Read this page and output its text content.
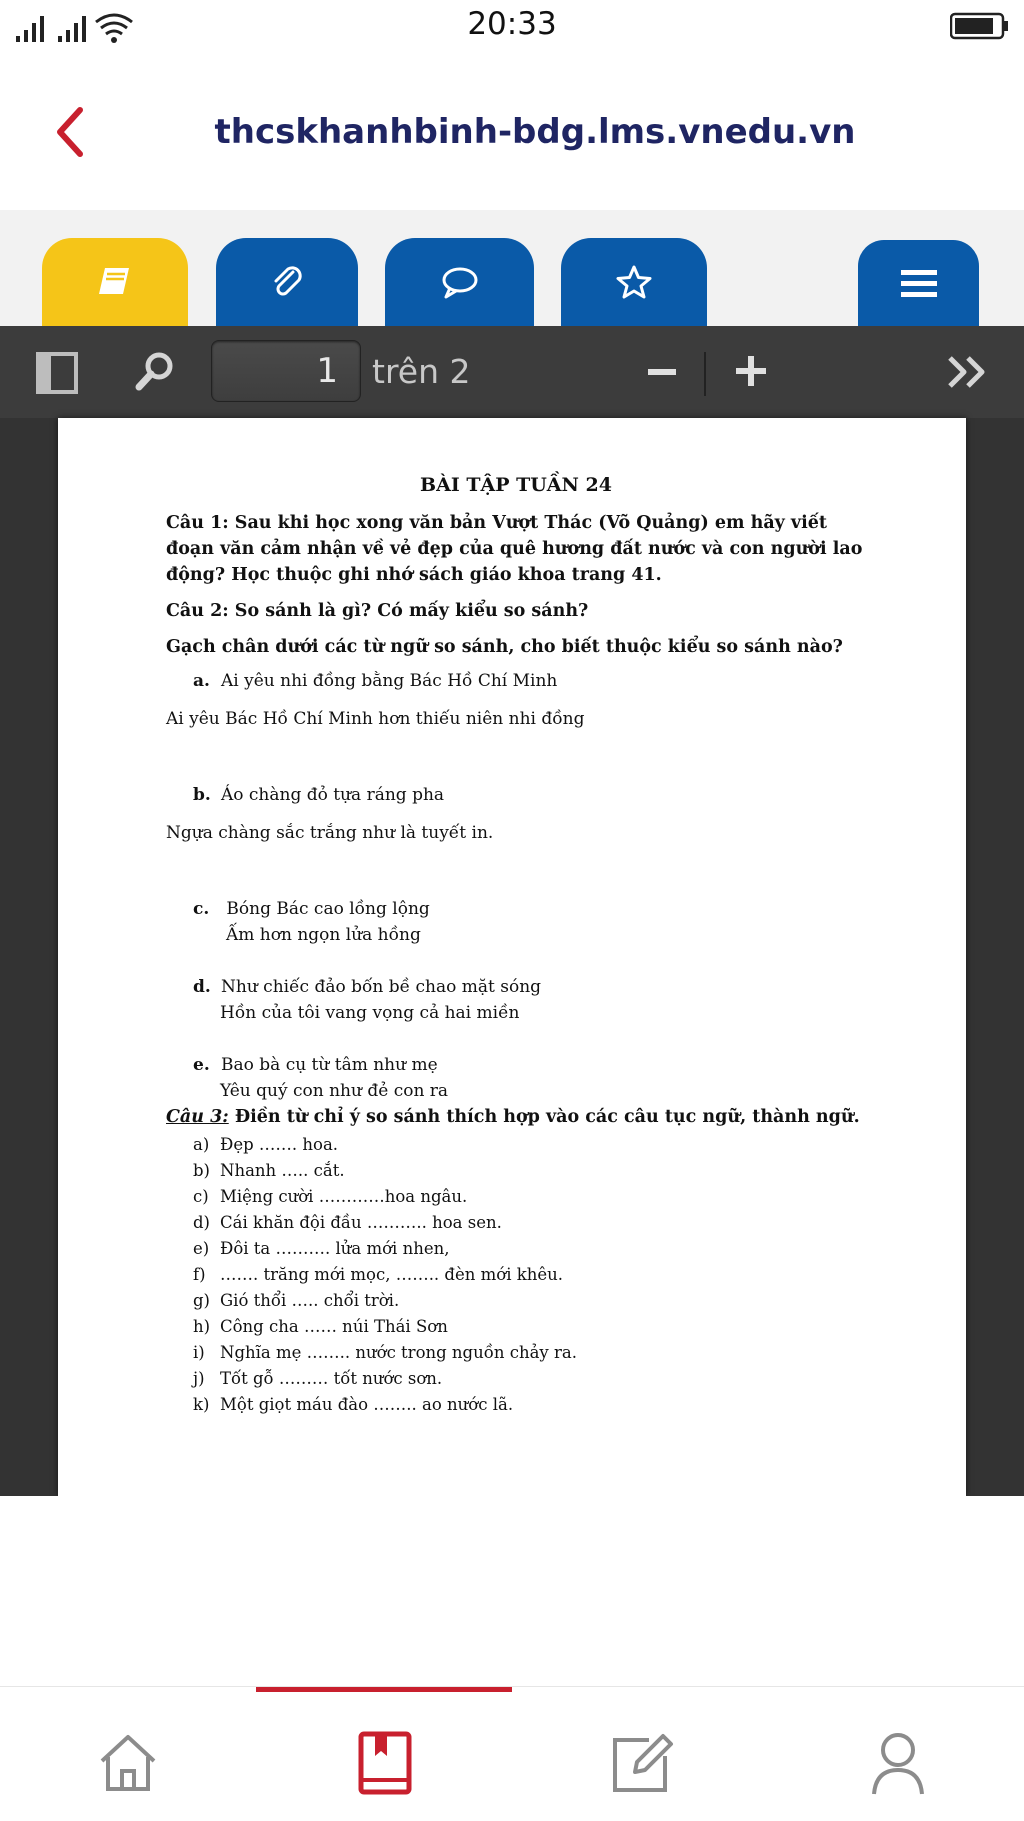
20:33
thcskhanhbinh-bdg.lms.vnedu.vn
1	trên 2
BÀI TẬP TUẦN 24
Câu 1: Sau khi học xong văn bản Vượt Thác (Võ Quảng) em hãy viết đoạn văn cảm nhận về vẻ đẹp của quê hương đất nước và con người lao động? Học thuộc ghi nhớ sách giáo khoa trang 41.
Câu 2: So sánh là gì? Có mấy kiểu so sánh?
Gạch chân dưới các từ ngữ so sánh, cho biết thuộc kiểu so sánh nào?
a. Ai yêu nhi đồng bằng Bác Hồ Chí Minh
Ai yêu Bác Hồ Chí Minh hơn thiếu niên nhi đồng
b. Áo chàng đỏ tựa ráng pha
Ngựa chàng sắc trắng như là tuyết in.
c. Bóng Bác cao lồng lộng
Ấm hơn ngọn lửa hồng
d. Như chiếc đảo bốn bề chao mặt sóng
Hồn của tôi vang vọng cả hai miền
e. Bao bà cụ từ tâm như mẹ
Yêu quý con như đẻ con ra
Câu 3: Điền từ chỉ ý so sánh thích hợp vào các câu tục ngữ, thành ngữ.
a) Đẹp ……. hoa.
b) Nhanh ….. cắt.
c) Miệng cười …………hoa ngâu.
d) Cái khăn đội đầu ……….. hoa sen.
e) Đôi ta ………. lửa mới nhen,
f) ……. trăng mới mọc, …….. đèn mới khêu.
g) Gió thổi ….. chổi trời.
h) Công cha …… núi Thái Sơn
i) Nghĩa mẹ …….. nước trong nguồn chảy ra.
j) Tốt gỗ ……… tốt nước sơn.
k) Một giọt máu đào …….. ao nước lã.
